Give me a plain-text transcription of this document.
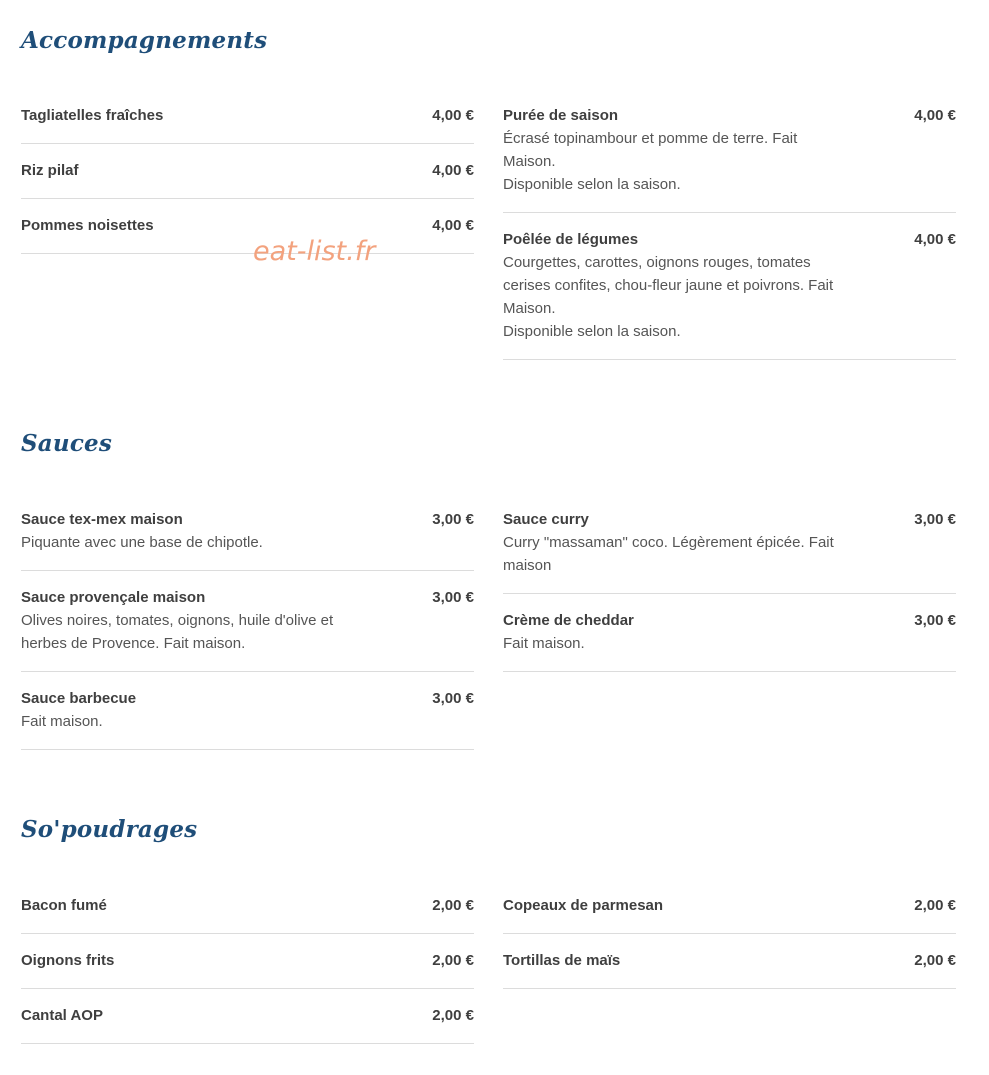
Accompagnements
Tagliatelles fraîches	4,00 €
Riz pilaf	4,00 €
Pommes noisettes	4,00 €
Purée de saison	4,00 €
Écrasé topinambour et pomme de terre. Fait Maison.
Disponible selon la saison.
Poêlée de légumes	4,00 €
Courgettes, carottes, oignons rouges, tomates cerises confites, chou-fleur jaune et poivrons. Fait Maison.
Disponible selon la saison.
eat-list.fr
Sauces
Sauce tex-mex maison	3,00 €
Piquante avec une base de chipotle.
Sauce provençale maison	3,00 €
Olives noires, tomates, oignons, huile d'olive et herbes de Provence. Fait maison.
Sauce barbecue	3,00 €
Fait maison.
Sauce curry	3,00 €
Curry "massaman" coco. Légèrement épicée. Fait maison
Crème de cheddar	3,00 €
Fait maison.
So'poudrages
Bacon fumé	2,00 €
Oignons frits	2,00 €
Cantal AOP	2,00 €
Copeaux de parmesan	2,00 €
Tortillas de maïs	2,00 €
